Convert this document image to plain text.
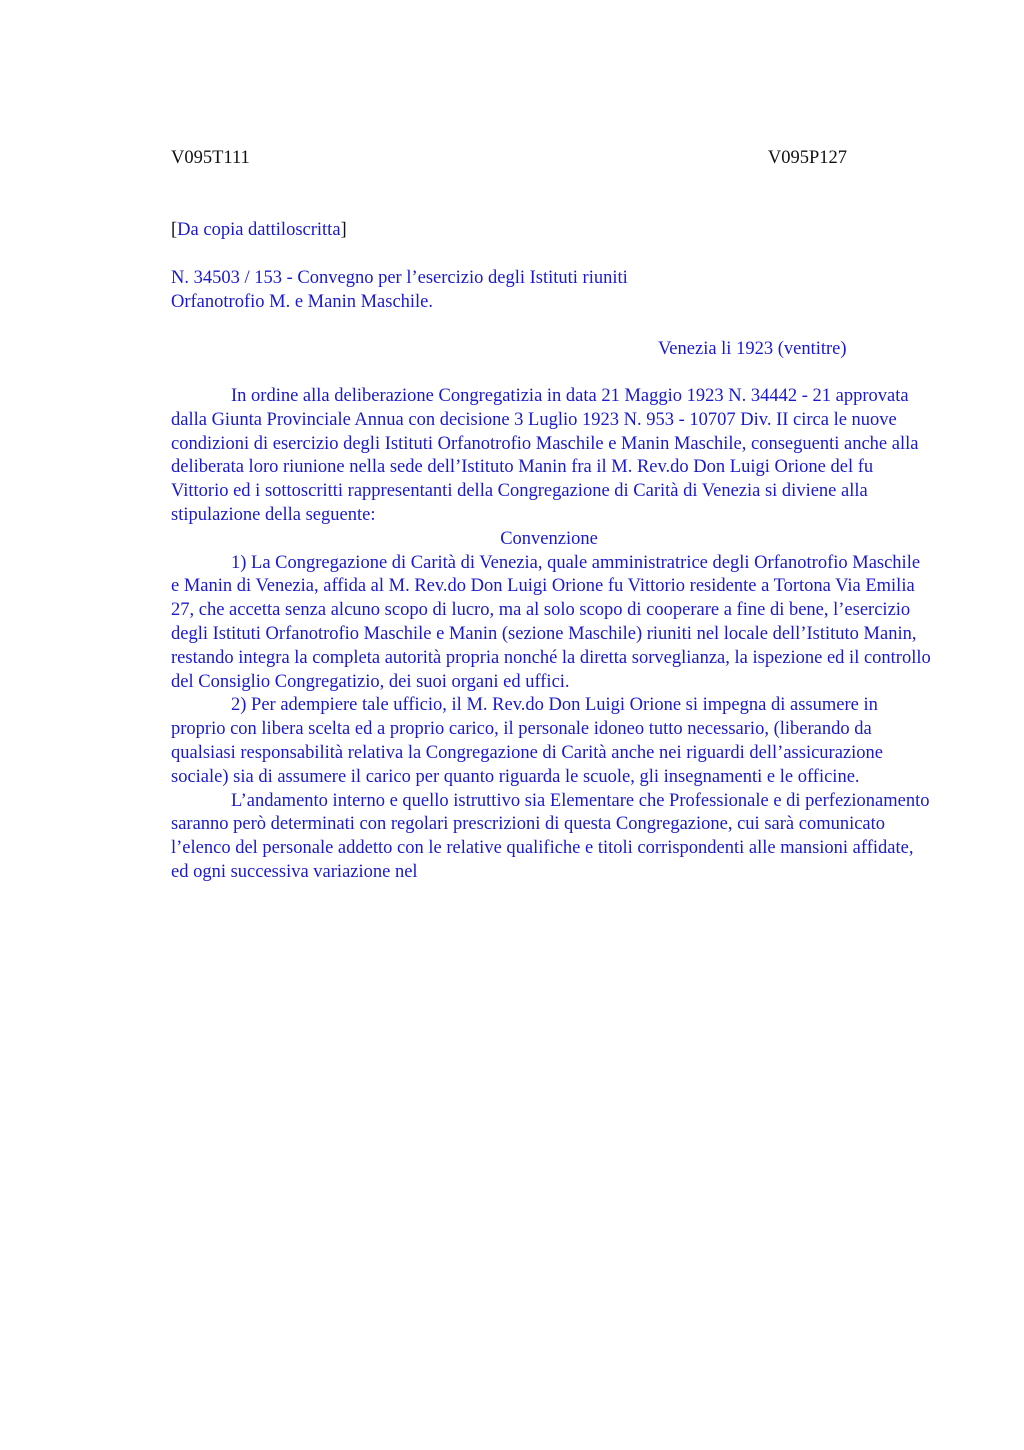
V095T111	V095P127
[Da copia dattiloscritta]
N. 34503 / 153 - Convegno per l’esercizio degli Istituti riuniti
Orfanotrofio M. e Manin Maschile.
Venezia li 1923 (ventitre)

In ordine alla deliberazione Congregatizia in data 21 Maggio 1923 N. 34442 - 21 approvata dalla Giunta Provinciale Annua con decisione 3 Luglio 1923 N. 953 - 10707 Div. II circa le nuove condizioni di esercizio degli Istituti Orfanotrofio Maschile e Manin Maschile, conseguenti anche alla deliberata loro riunione nella sede dell’Istituto Manin fra il M. Rev.do Don Luigi Orione del fu Vittorio ed i sottoscritti rappresentanti della Congregazione di Carità di Venezia si diviene alla stipulazione della seguente:

Convenzione

1) La Congregazione di Carità di Venezia, quale amministratrice degli Orfanotrofio Maschile e Manin di Venezia, affida al M. Rev.do Don Luigi Orione fu Vittorio residente a Tortona Via Emilia 27, che accetta senza alcuno scopo di lucro, ma al solo scopo di cooperare a fine di bene, l’esercizio degli Istituti Orfanotrofio Maschile e Manin (sezione Maschile) riuniti nel locale dell’Istituto Manin, restando integra la completa autorità propria nonché la diretta sorveglianza, la ispezione ed il controllo del Consiglio Congregatizio, dei suoi organi ed uffici.

2) Per adempiere tale ufficio, il M. Rev.do Don Luigi Orione si impegna di assumere in proprio con libera scelta ed a proprio carico, il personale idoneo tutto necessario, (liberando da qualsiasi responsabilità relativa la Congregazione di Carità anche nei riguardi dell’assicurazione sociale) sia di assumere il carico per quanto riguarda le scuole, gli insegnamenti e le officine.

L’andamento interno e quello istruttivo sia Elementare che Professionale e di perfezionamento saranno però determinati con regolari prescrizioni di questa Congregazione, cui sarà comunicato l’elenco del personale addetto con le relative qualifiche e titoli corrispondenti alle mansioni affidate, ed ogni successiva variazione nel
